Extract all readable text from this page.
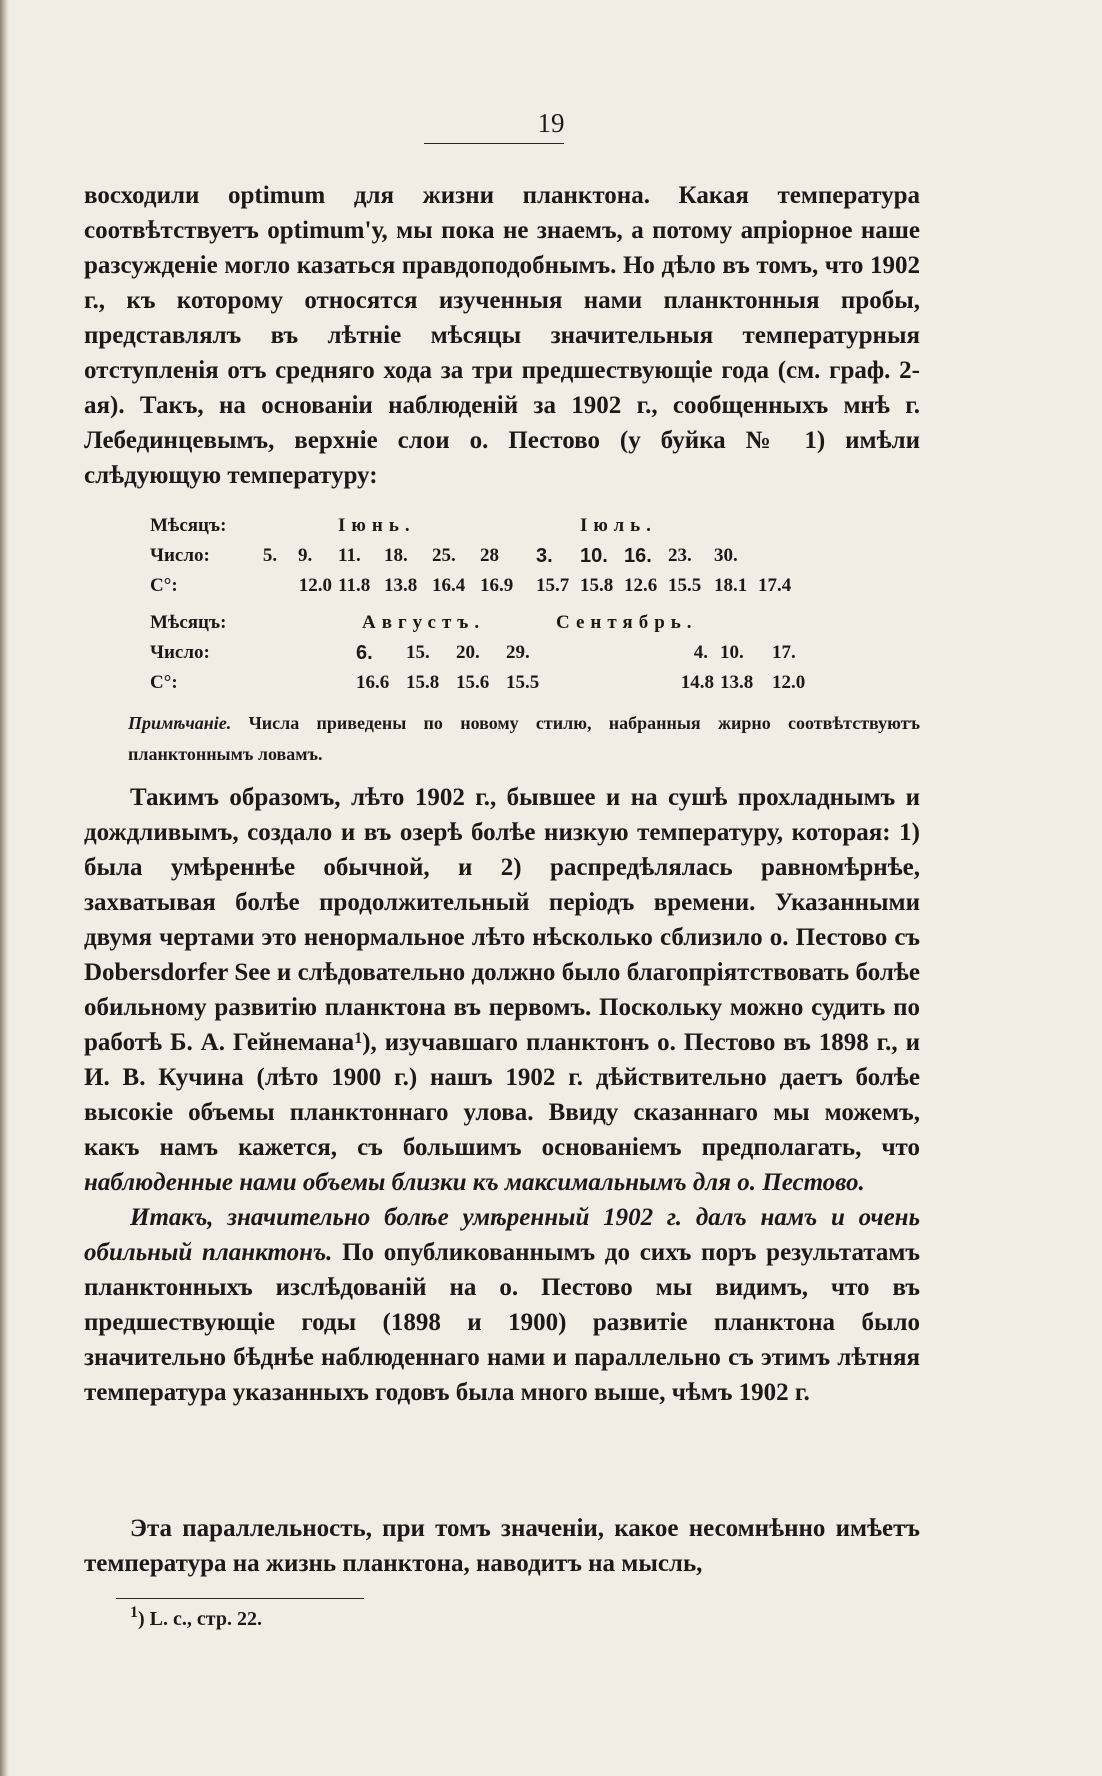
19

восходили optimum для жизни планктона. Какая температура соотвѣтствуетъ optimum'у, мы пока не знаемъ, а потому апріорное наше разсужденіе могло казаться правдоподобнымъ. Но дѣло въ томъ, что 1902 г., къ которому относятся изученныя нами планктонныя пробы, представлялъ въ лѣтніе мѣсяцы значительныя температурныя отступленія отъ средняго хода за три предшествующіе года (см. граф. 2-ая). Такъ, на основаніи наблюденій за 1902 г., сообщенныхъ мнѣ г. Лебединцевымъ, верхніе слои о. Пестово (у буйка № 1) имѣли слѣдующую температуру:

Мѣсяцъ:			Іюнь.					Іюль.				
Число:	5.	9.	11.	18.	25.	28	3.	10.	16.	23.	30.	
C°:	12.0		11.8	13.8	16.4	16.9	15.7	15.8	12.6	15.5	18.1	17.4
Мѣсяцъ:	Августъ.				Сентябрь.			
Число:	6.	15.	20.	29.		4.	10.	17.
C°:	16.6	15.8	15.6	15.5		14.8	13.8	12.0
Примѣчаніе. Числа приведены по новому стилю, набранныя жирно соотвѣтствуютъ планктоннымъ ловамъ.

Такимъ образомъ, лѣто 1902 г., бывшее и на сушѣ прохладнымъ и дождливымъ, создало и въ озерѣ болѣе низкую температуру, которая: 1) была умѣреннѣе обычной, и 2) распредѣлялась равномѣрнѣе, захватывая болѣе продолжительный періодъ времени. Указанными двумя чертами это ненормальное лѣто нѣсколько сблизило о. Пестово съ Dobersdorfer See и слѣдовательно должно было благопріятствовать болѣе обильному развитію планктона въ первомъ. Поскольку можно судить по работѣ Б. А. Гейнемана$^1$), изучавшаго планктонъ о. Пестово въ 1898 г., и И. В. Кучина (лѣто 1900 г.) нашъ 1902 г. дѣйствительно даетъ болѣе высокіе объемы планктоннаго улова. Ввиду сказаннаго мы можемъ, какъ намъ кажется, съ большимъ основаніемъ предполагать, что наблюденные нами объемы близки къ максимальнымъ для о. Пестово.

Итакъ, значительно болѣе умѣренный 1902 г. далъ намъ и очень обильный планктонъ. По опубликованнымъ до сихъ поръ результатамъ планктонныхъ изслѣдованій на о. Пестово мы видимъ, что въ предшествующіе годы (1898 и 1900) развитіе планктона было значительно бѣднѣе наблюденнаго нами и параллельно съ этимъ лѣтняя температура указанныхъ годовъ была много выше, чѣмъ 1902 г.

Эта параллельность, при томъ значеніи, какое несомнѣнно имѣетъ температура на жизнь планктона, наводитъ на мысль,

$^1$) L. c., стр. 22.
